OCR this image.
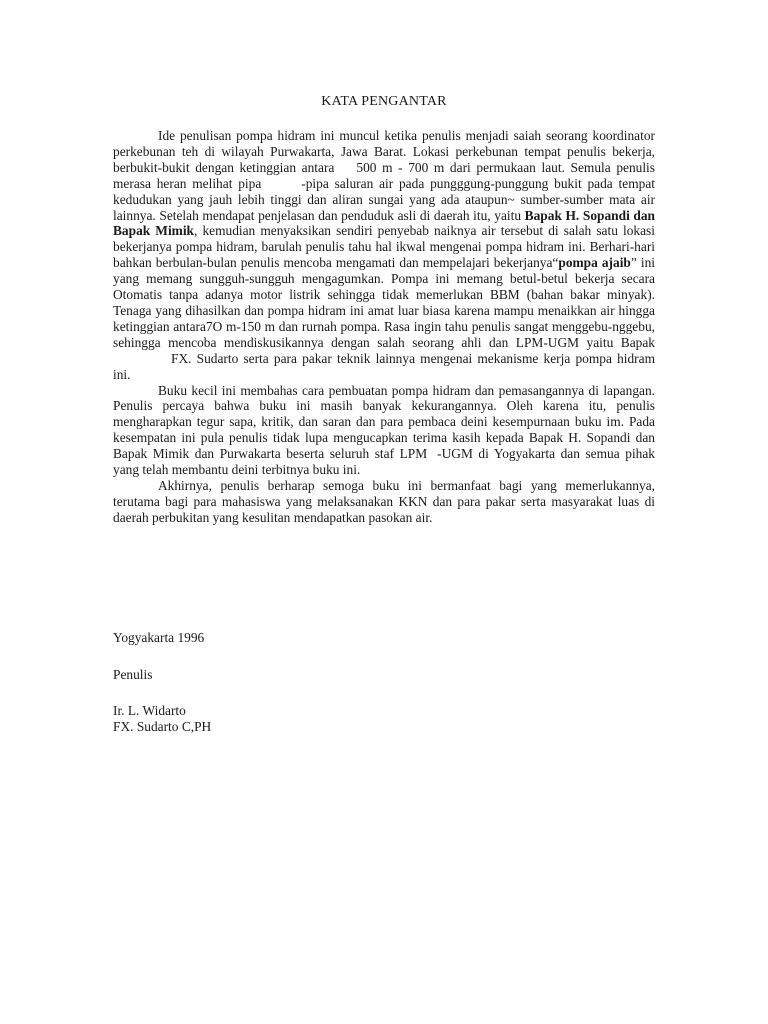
KATA PENGANTAR

Ide penulisan pompa hidram ini muncul ketika penulis menjadi saiah seorang koordinator perkebunan teh di wilayah Purwakarta, Jawa Barat. Lokasi perkebunan tempat penulis bekerja, berbukit-bukit dengan ketinggian antara 500 m - 700 m dari permukaan laut. Semula penulis merasa heran melihat pipa	-pipa saluran air pada pungggung-punggung bukit pada tempat kedudukan yang jauh lebih tinggi dan aliran sungai yang ada ataupun~ sumber-sumber mata air lainnya. Setelah mendapat penjelasan dan penduduk asli di daerah itu, yaitu Bapak H. Sopandi dan Bapak Mimik, kemudian menyaksikan sendiri penyebab naiknya air tersebut di salah satu lokasi bekerjanya pompa hidram, barulah penulis tahu hal ikwal mengenai pompa hidram ini. Berhari-hari bahkan berbulan-bulan penulis mencoba mengamati dan mempelajari bekerjanya“pompa ajaib” ini yang memang sungguh-sungguh mengagumkan. Pompa ini memang betul-betul bekerja secara Otomatis tanpa adanya motor listrik sehingga tidak memerlukan BBM (bahan bakar minyak). Tenaga yang dihasilkan dan pompa hidram ini amat luar biasa karena mampu menaikkan air hingga ketinggian antara7O m-150 m dan rurnah pompa. Rasa ingin tahu penulis sangat menggebu-nggebu, sehingga mencoba mendiskusikannya dengan salah seorang ahli dan LPM-UGM yaitu BapakFX. Sudarto serta para pakar teknik lainnya mengenai mekanisme kerja pompa hidram ini.

Buku kecil ini membahas cara pembuatan pompa hidram dan pemasangannya di lapangan. Penulis percaya bahwa buku ini masih banyak kekurangannya. Oleh karena itu, penulis mengharapkan tegur sapa, kritik, dan saran dan para pembaca deini kesempurnaan buku im. Pada kesempatan ini pula penulis tidak lupa mengucapkan terima kasih kepada Bapak H. Sopandi dan Bapak Mimik dan Purwakarta beserta seluruh staf LPM -UGM di Yogyakarta dan semua pihak yang telah membantu deini terbitnya buku ini.

Akhirnya, penulis berharap semoga buku ini bermanfaat bagi yang memerlukannya, terutama bagi para mahasiswa yang melaksanakan KKN dan para pakar serta masyarakat luas di daerah perbukitan yang kesulitan mendapatkan pasokan air.

Yogyakarta 1996

Penulis

Ir. L. Widarto

FX. Sudarto C,PH
